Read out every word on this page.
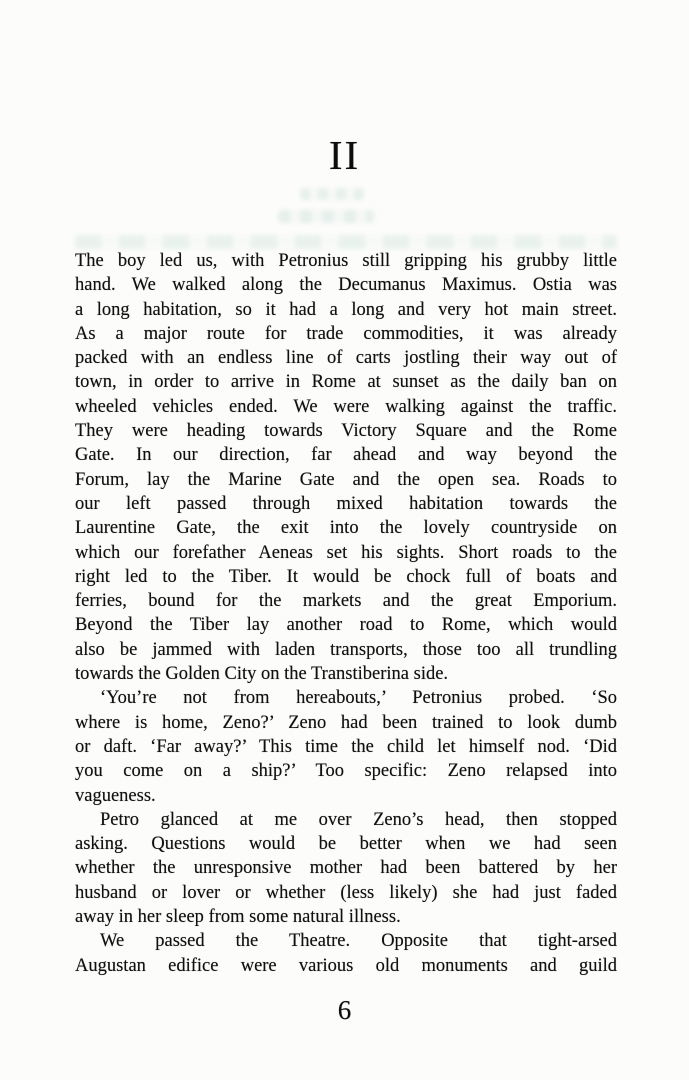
II
The boy led us, with Petronius still gripping his grubby little
hand. We walked along the Decumanus Maximus. Ostia was
a long habitation, so it had a long and very hot main street.
As a major route for trade commodities, it was already
packed with an endless line of carts jostling their way out of
town, in order to arrive in Rome at sunset as the daily ban on
wheeled vehicles ended. We were walking against the traffic.
They were heading towards Victory Square and the Rome
Gate. In our direction, far ahead and way beyond the
Forum, lay the Marine Gate and the open sea. Roads to
our left passed through mixed habitation towards the
Laurentine Gate, the exit into the lovely countryside on
which our forefather Aeneas set his sights. Short roads to the
right led to the Tiber. It would be chock full of boats and
ferries, bound for the markets and the great Emporium.
Beyond the Tiber lay another road to Rome, which would
also be jammed with laden transports, those too all trundling
towards the Golden City on the Transtiberina side.
‘You’re not from hereabouts,’ Petronius probed. ‘So
where is home, Zeno?’ Zeno had been trained to look dumb
or daft. ‘Far away?’ This time the child let himself nod. ‘Did
you come on a ship?’ Too specific: Zeno relapsed into
vagueness.
Petro glanced at me over Zeno’s head, then stopped
asking. Questions would be better when we had seen
whether the unresponsive mother had been battered by her
husband or lover or whether (less likely) she had just faded
away in her sleep from some natural illness.
We passed the Theatre. Opposite that tight-arsed
Augustan edifice were various old monuments and guild
6
